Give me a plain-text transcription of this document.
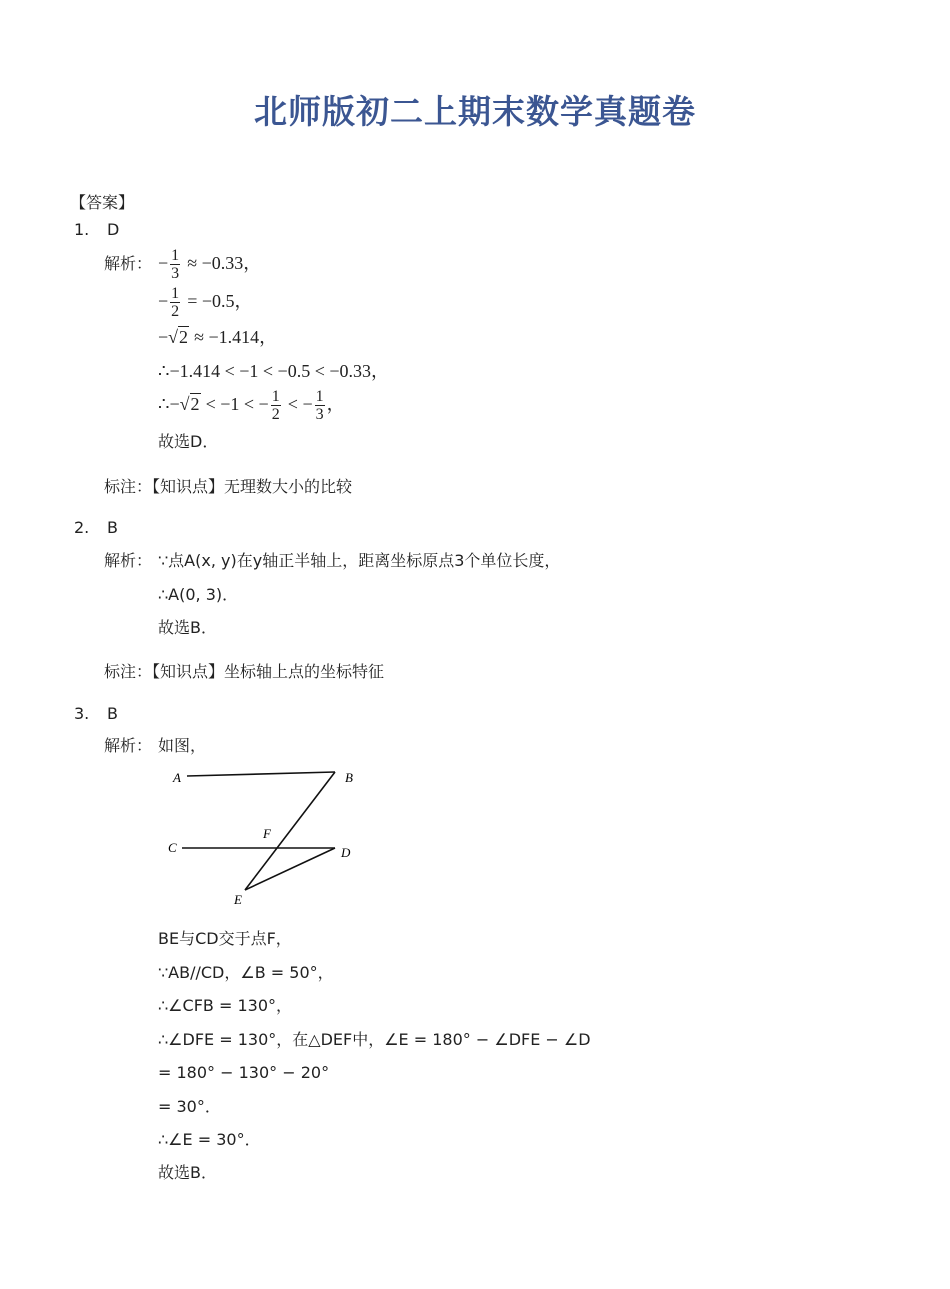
北师版初二上期末数学真题卷
【答案】
1. D
解析： − $\frac{1}{3} \approx -0.33$，
− $\frac{1}{2} = -0.5$，
−√2 ≈ −1.414，
∴−1.414 < −1 < −0.5 < −0.33，
∴−√2 < −1 < − $\frac{1}{2}$ < − $\frac{1}{3}$ ，
故选D．
标注：【知识点】无理数大小的比较
2. B
解析： ∵点A(x, y)在y轴正半轴上，距离坐标原点3个单位长度，
∴A(0, 3)．
故选B．
标注：【知识点】坐标轴上点的坐标特征
3. B
解析： 如图，
A	B
C	D
E
F
BE与CD交于点F，
∵AB//CD，∠B = 50°，
∴∠CFB = 130°，
∴∠DFE = 130°，在△DEF中，∠E = 180° − ∠DFE − ∠D
= 180° − 130° − 20°
= 30°．
∴∠E = 30°．
故选B．
